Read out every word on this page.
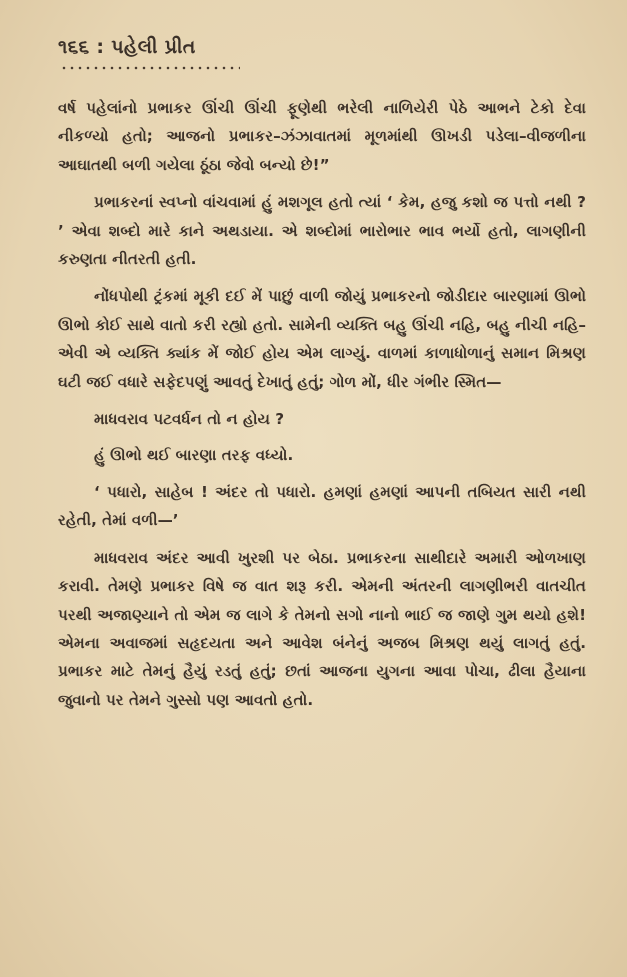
૧૬૬ : પહેલી પ્રીત

વર્ષ પહેલાંનો પ્રભાકર ઊંચી ઊંચી ફૂણેથી ભરેલી નાળિયેરી પેઠે આભને ટેકો દેવા નીકળ્યો હતો; આજનો પ્રભાકર–ઝંઝાવાતમાં મૂળમાંથી ઊખડી પડેલા–વીજળીના આઘાતથી બળી ગયેલા ઠૂંઠા જેવો બન્યો છે!”

પ્રભાકરનાં સ્વપ્નો વાંચવામાં હું મશગૂલ હતો ત્યાં ‘ કેમ, હજુ કશો જ પત્તો નથી ? ’ એવા શબ્દો મારે કાને અથડાયા. એ શબ્દોમાં ભારોભાર ભાવ ભર્યો હતો, લાગણીની કરુણતા નીતરતી હતી.

નોંધપોથી ટ્રંકમાં મૂકી દઈ મેં પાછું વાળી જોયું પ્રભાકરનો જોડીદાર બારણામાં ઊભો ઊભો કોઈ સાથે વાતો કરી રહ્યો હતો. સામેની વ્યક્તિ બહુ ઊંચી નહિ, બહુ નીચી નહિ–એવી એ વ્યક્તિ ક્યાંક મેં જોઈ હોય એમ લાગ્યું. વાળમાં કાળાધોળાનું સમાન મિશ્રણ ઘટી જઈ વધારે સફેદપણું આવતું દેખાતું હતું; ગોળ મોં, ધીર ગંભીર સ્મિત—

માધવરાવ પટવર્ધન તો ન હોય ?

હું ઊભો થઈ બારણા તરફ વધ્યો.

‘ પધારો, સાહેબ ! અંદર તો પધારો. હમણાં હમણાં આપની તબિયત સારી નથી રહેતી, તેમાં વળી—’

માધવરાવ અંદર આવી ખુરશી પર બેઠા. પ્રભાકરના સાથીદારે અમારી ઓળખાણ કરાવી. તેમણે પ્રભાકર વિષે જ વાત શરૂ કરી. એમની અંતરની લાગણીભરી વાતચીત પરથી અજાણ્યાને તો એમ જ લાગે કે તેમનો સગો નાનો ભાઈ જ જાણે ગુમ થયો હશે! એમના અવાજમાં સહૃદયતા અને આવેશ બંનેનું અજબ મિશ્રણ થયું લાગતું હતું. પ્રભાકર માટે તેમનું હૈયું રડતું હતું; છતાં આજના યુગના આવા પોચા, ઢીલા હૈયાના જુવાનો પર તેમને ગુસ્સો પણ આવતો હતો.
